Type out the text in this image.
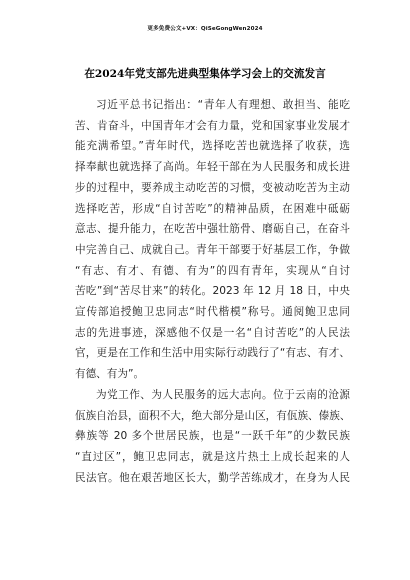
更多免费公文+VX：QiSeGongWen2024
在2024年党支部先进典型集体学习会上的交流发言

习近平总书记指出：“青年人有理想、敢担当、能吃
苦、肯奋斗，中国青年才会有力量，党和国家事业发展才
能充满希望。”青年时代，选择吃苦也就选择了收获，选
择奉献也就选择了高尚。年轻干部在为人民服务和成长进
步的过程中，要养成主动吃苦的习惯，变被动吃苦为主动
选择吃苦，形成“自讨苦吃”的精神品质，在困难中砥砺
意志、提升能力，在吃苦中强壮筋骨、磨砺自己，在奋斗
中完善自己、成就自己。青年干部要于好基层工作，争做
“有志、有才、有德、有为”的四有青年，实现从“自讨
苦吃”到“苦尽甘来”的转化。2023 年 12 月 18 日，中央
宣传部追授鲍卫忠同志“时代楷模”称号。通阅鲍卫忠同
志的先进事迹，深感他不仅是一名“自讨苦吃”的人民法
官，更是在工作和生活中用实际行动践行了“有志、有才、
有德、有为”。

为党工作、为人民服务的远大志向。位于云南的沧源
佤族自治县，面积不大，绝大部分是山区，有佤族、傣族、
彝族等 20 多个世居民族，也是“一跃千年”的少数民族
“直过区”，鲍卫忠同志，就是这片热土上成长起来的人
民法官。他在艰苦地区长大，勤学苦练成才，在身为人民
